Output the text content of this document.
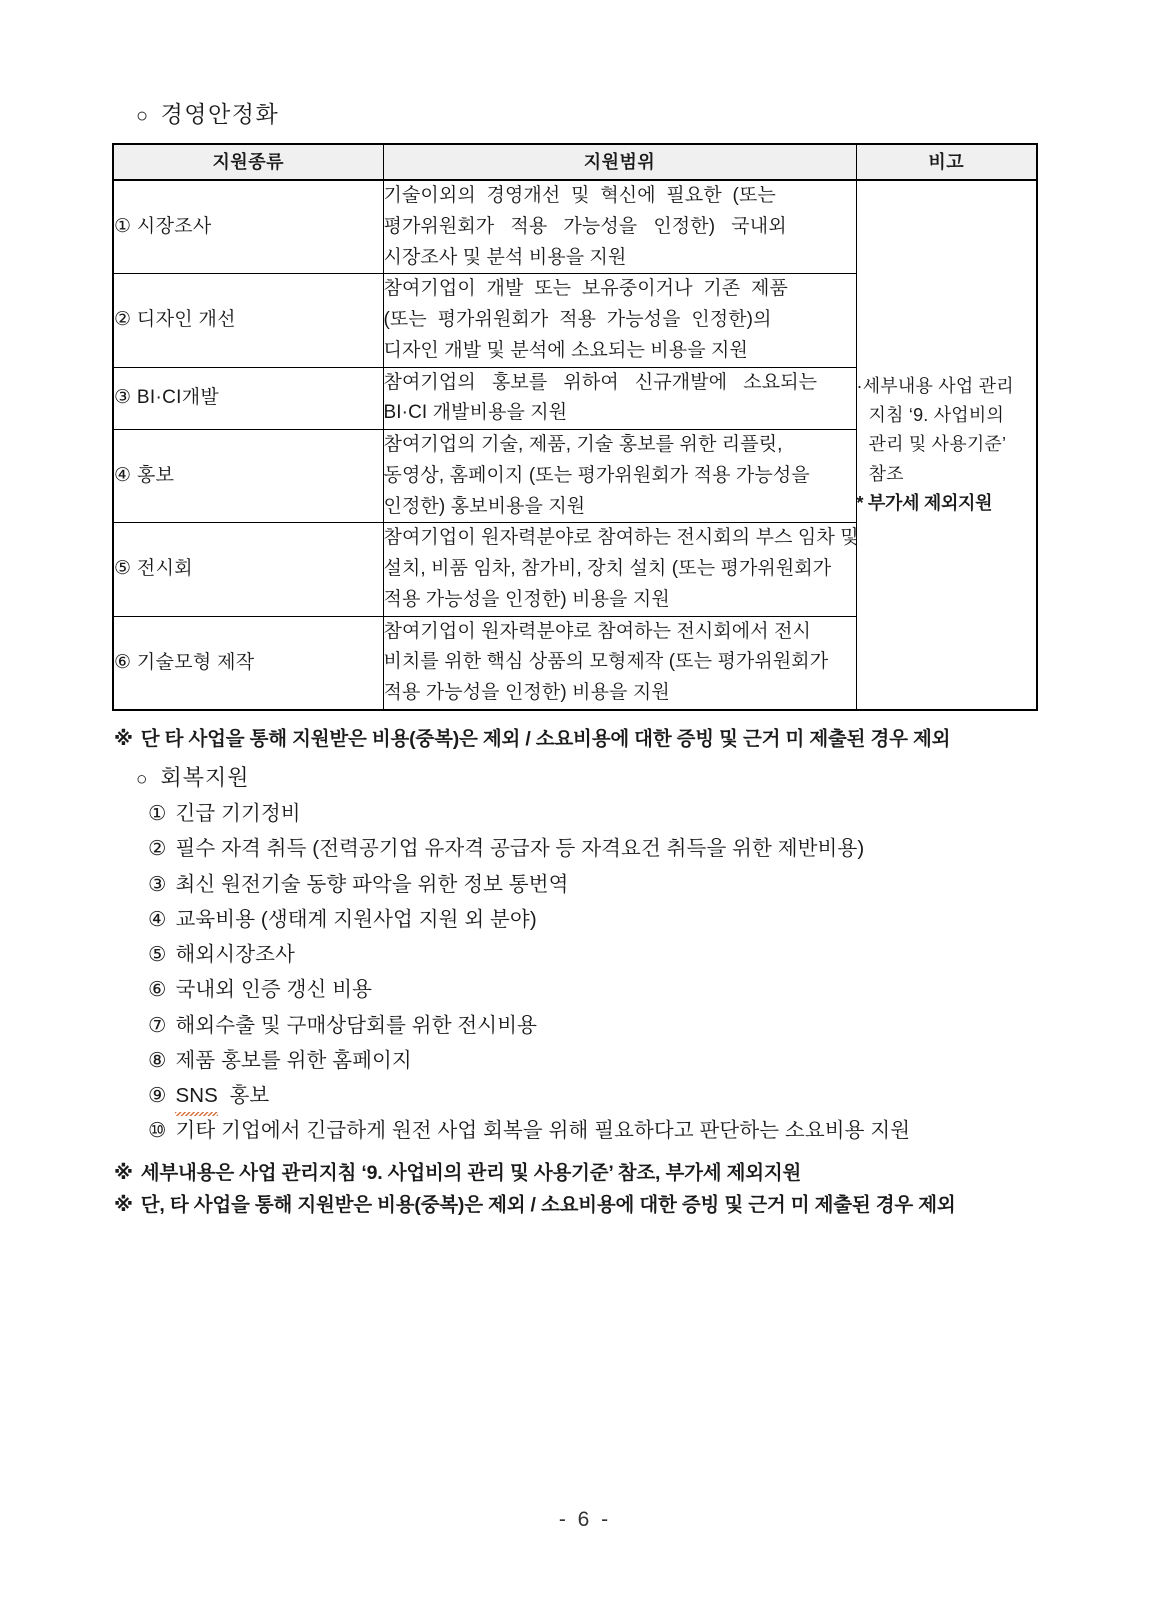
○ 경영안정화
지원종류	지원범위	비고
① 시장조사	기술이외의  경영개선  및  혁신에  필요한  (또는
평가위원회가   적용   가능성을   인정한)   국내외
시장조사 및 분석 비용을 지원	·세부내용 사업 관리
지침 ‘9. 사업비의
관리 및 사용기준’
참조
* 부가세 제외지원

② 디자인 개선	참여기업이  개발  또는  보유중이거나  기존  제품
(또는  평가위원회가  적용  가능성을  인정한)의
디자인 개발 및 분석에 소요되는 비용을 지원	

③ BI·CI개발	참여기업의   홍보를   위하여   신규개발에   소요되는
BI·CI 개발비용을 지원	

④ 홍보	참여기업의 기술, 제품, 기술 홍보를 위한 리플릿,
동영상, 홈페이지 (또는 평가위원회가 적용 가능성을
인정한) 홍보비용을 지원	

⑤ 전시회	참여기업이 원자력분야로 참여하는 전시회의 부스 임차 및
설치, 비품 임차, 참가비, 장치 설치 (또는 평가위원회가
적용 가능성을 인정한) 비용을 지원	

⑥ 기술모형 제작	참여기업이 원자력분야로 참여하는 전시회에서 전시
비치를 위한 핵심 상품의 모형제작 (또는 평가위원회가
적용 가능성을 인정한) 비용을 지원	
※ 단 타 사업을 통해 지원받은 비용(중복)은 제외 / 소요비용에 대한 증빙 및 근거 미 제출된 경우 제외
○ 회복지원
① 긴급 기기정비
② 필수 자격 취득 (전력공기업 유자격 공급자 등 자격요건 취득을 위한 제반비용)
③ 최신 원전기술 동향 파악을 위한 정보 통번역
④ 교육비용 (생태계 지원사업 지원 외 분야)
⑤ 해외시장조사
⑥ 국내외 인증 갱신 비용
⑦ 해외수출 및 구매상담회를 위한 전시비용
⑧ 제품 홍보를 위한 홈페이지
⑨ SNS  홍보
⑩ 기타 기업에서 긴급하게 원전 사업 회복을 위해 필요하다고 판단하는 소요비용 지원
※ 세부내용은 사업 관리지침 ‘9. 사업비의 관리 및 사용기준’ 참조, 부가세 제외지원
※ 단, 타 사업을 통해 지원받은 비용(중복)은 제외 / 소요비용에 대한 증빙 및 근거 미 제출된 경우 제외
- 6 -
